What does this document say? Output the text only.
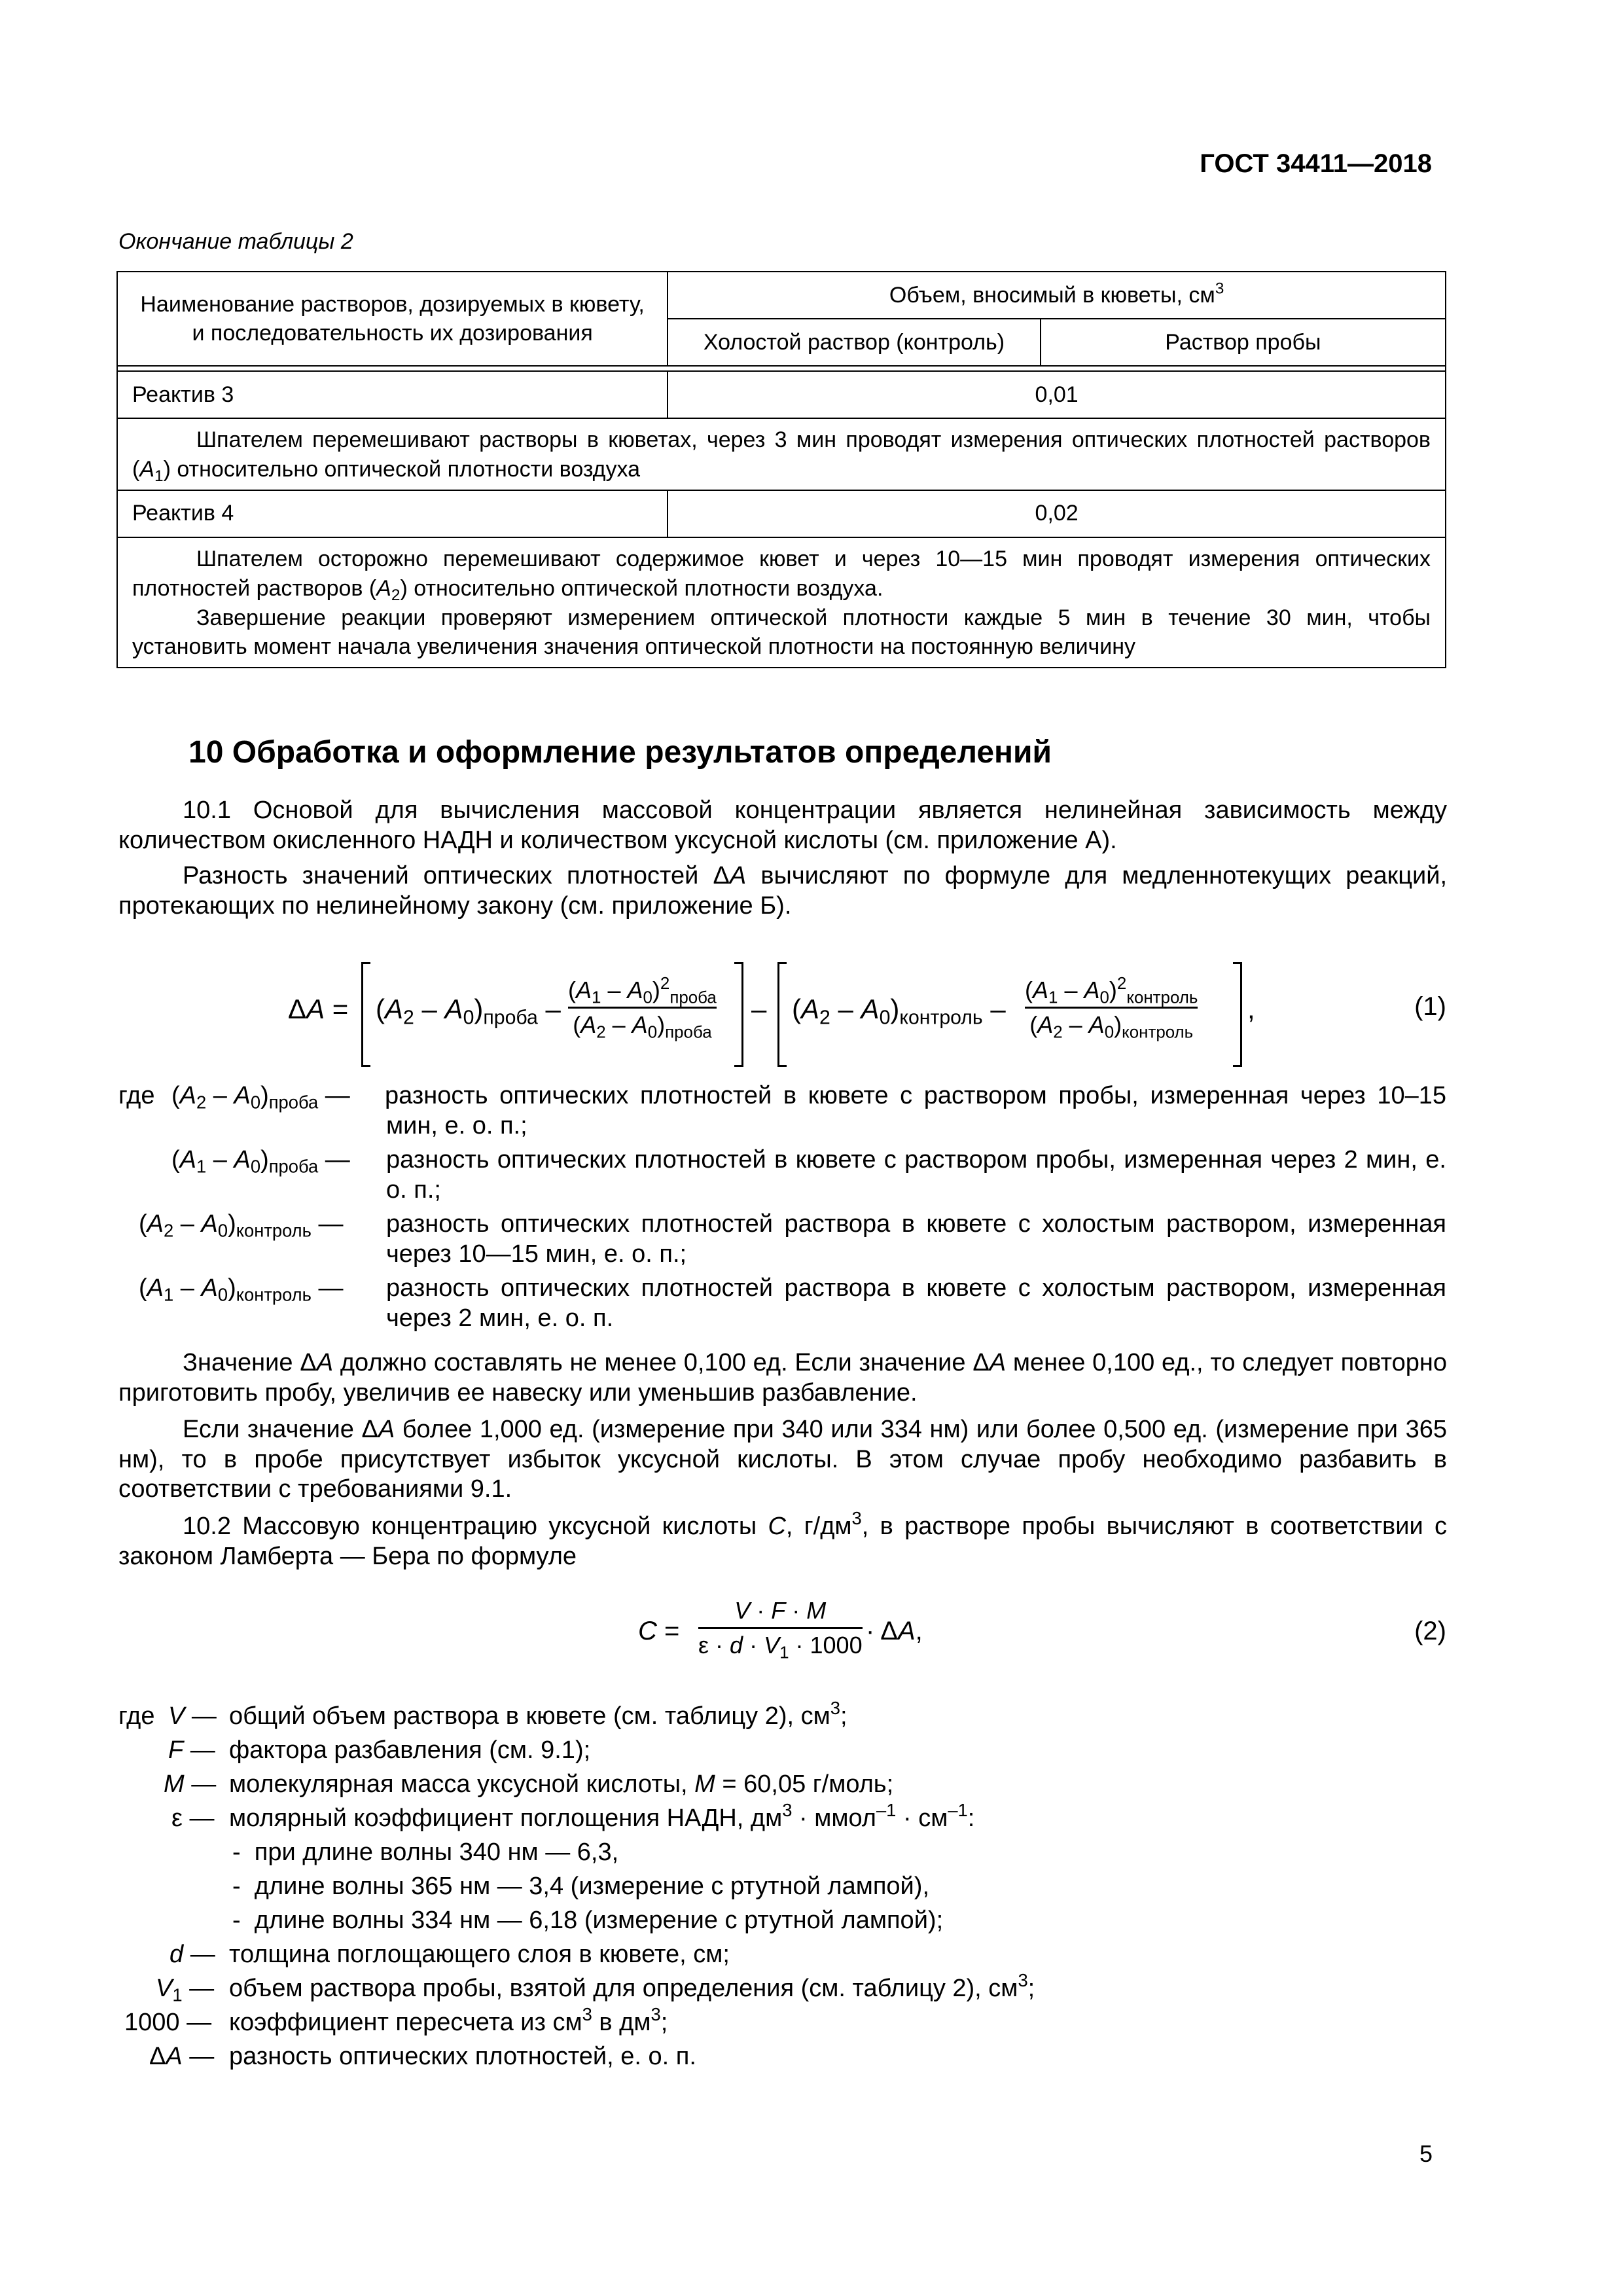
ГОСТ 34411—2018
Окончание таблицы 2
Наименование растворов, дозируемых в кювету, и последовательность их дозирования	Объем, вносимый в кюветы, $см^3$
	Холостой раствор (контроль)	Раствор пробы

Реактив 3	0,01	
Шпателем перемешивают растворы в кюветах, через 3 мин проводят измерения оптических плотностей растворов $(A_1)$ относительно оптической плотности воздуха		
Реактив 4	0,02	
Шпателем осторожно перемешивают содержимое кювет и через 10—15 мин проводят измерения оптических плотностей растворов $(A_2)$ относительно оптической плотности воздуха.
Завершение реакции проверяют измерением оптической плотности каждые 5 мин в течение 30 мин, чтобы установить момент начала увеличения значения оптической плотности на постоянную величину		
10 Обработка и оформление результатов определений
10.1 Основой для вычисления массовой концентрации является нелинейная зависимость между количеством окисленного НАДН и количеством уксусной кислоты (см. приложение А).
Разность значений оптических плотностей ΔA вычисляют по формуле для медленнотекущих реакций, протекающих по нелинейному закону (см. приложение Б).
$\Delta A = (A_2 - A_0)_{проба}$ –
$(A_1 - A_0)^2_{проба}$
$(A_2 - A_0)_{проба}$
– $(A_2 - A_0)_{контроль}$ –
$(A_1 - A_0)^2_{контроль}$
$(A_2 - A_0)_{контроль}$
,	(1)
где $(A_2 - A_0)_{проба}$ — разность оптических плотностей в кювете с раствором пробы, измеренная через 10–15 мин, е. о. п.;
$(A_1 - A_0)_{проба}$ — разность оптических плотностей в кювете с раствором пробы, измеренная через 2 мин, е. о. п.;
$(A_2 - A_0)_{контроль}$ — разность оптических плотностей раствора в кювете с холостым раствором, измеренная через 10—15 мин, е. о. п.;
$(A_1 - A_0)_{контроль}$ — разность оптических плотностей раствора в кювете с холостым раствором, измеренная через 2 мин, е. о. п.
Значение ΔA должно составлять не менее 0,100 ед. Если значение ΔA менее 0,100 ед., то следует повторно приготовить пробу, увеличив ее навеску или уменьшив разбавление.
Если значение ΔA более 1,000 ед. (измерение при 340 или 334 нм) или более 0,500 ед. (измерение при 365 нм), то в пробе присутствует избыток уксусной кислоты. В этом случае пробу необходимо разбавить в соответствии с требованиями 9.1.
10.2 Массовую концентрацию уксусной кислоты C, $г/дм^3$, в растворе пробы вычисляют в соответствии с законом Ламберта — Бера по формуле
C =
V · F · M
$\varepsilon \cdot d \cdot V_1 \cdot 1000 \cdot \Delta A$,	(2)
где V — общий объем раствора в кювете (см. таблицу 2), $см^3$;
F — фактора разбавления (см. 9.1);
M — молекулярная масса уксусной кислоты, M = 60,05 г/моль;
ε — молярный коэффициент поглощения НАДН, $дм^3$ · ммол$^{-1}$ · $см^{-1}$:
-  при длине волны 340 нм — 6,3,
-  длине волны 365 нм — 3,4 (измерение с ртутной лампой),
-  длине волны 334 нм — 6,18 (измерение с ртутной лампой);
d — толщина поглощающего слоя в кювете, см;
$V_1$ — объем раствора пробы, взятой для определения (см. таблицу 2), $см^3$;
1000 — коэффициент пересчета из $см^3$ в $дм^3$;
ΔA — разность оптических плотностей, е. о. п.
5
